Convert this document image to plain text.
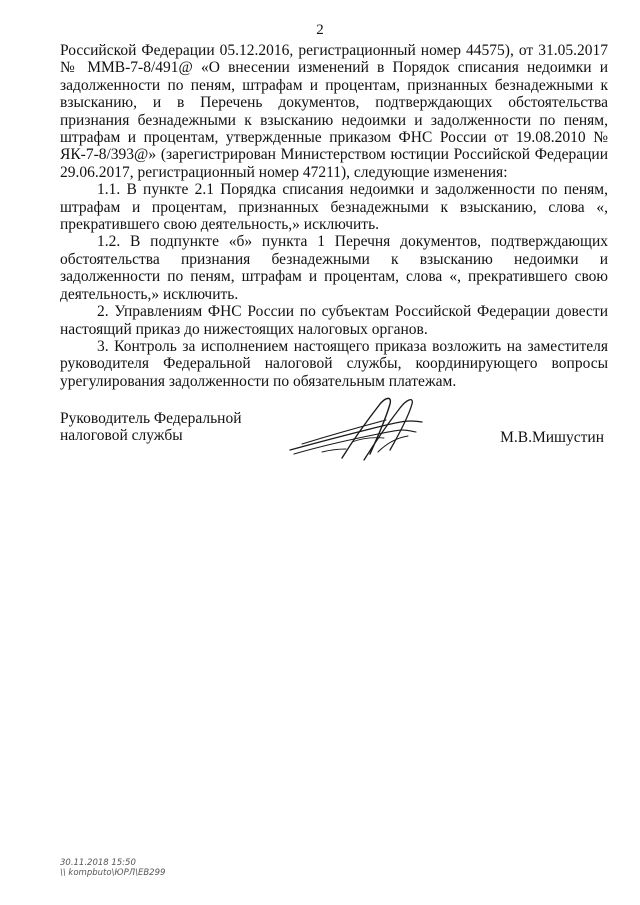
2

Российской Федерации 05.12.2016, регистрационный номер 44575), от 31.05.2017 № ММВ-7-8/491@ «О внесении изменений в Порядок списания недоимки и задолженности по пеням, штрафам и процентам, признанных безнадежными к взысканию, и в Перечень документов, подтверждающих обстоятельства признания безнадежными к взысканию недоимки и задолженности по пеням, штрафам и процентам, утвержденные приказом ФНС России от 19.08.2010 № ЯК-7-8/393@» (зарегистрирован Министерством юстиции Российской Федерации 29.06.2017, регистрационный номер 47211), следующие изменения:

1.1. В пункте 2.1 Порядка списания недоимки и задолженности по пеням, штрафам и процентам, признанных безнадежными к взысканию, слова «, прекратившего свою деятельность,» исключить.

1.2. В подпункте «б» пункта 1 Перечня документов, подтверждающих обстоятельства признания безнадежными к взысканию недоимки и задолженности по пеням, штрафам и процентам, слова «, прекратившего свою деятельность,» исключить.

2. Управлениям ФНС России по субъектам Российской Федерации довести настоящий приказ до нижестоящих налоговых органов.

3. Контроль за исполнением настоящего приказа возложить на заместителя руководителя Федеральной налоговой службы, координирующего вопросы урегулирования задолженности по обязательным платежам.

Руководитель Федеральной
налоговой службы	М.В.Мишустин
30.11.2018 15:50
\\ kompbuto\ЮРЛ\ЕВ299
